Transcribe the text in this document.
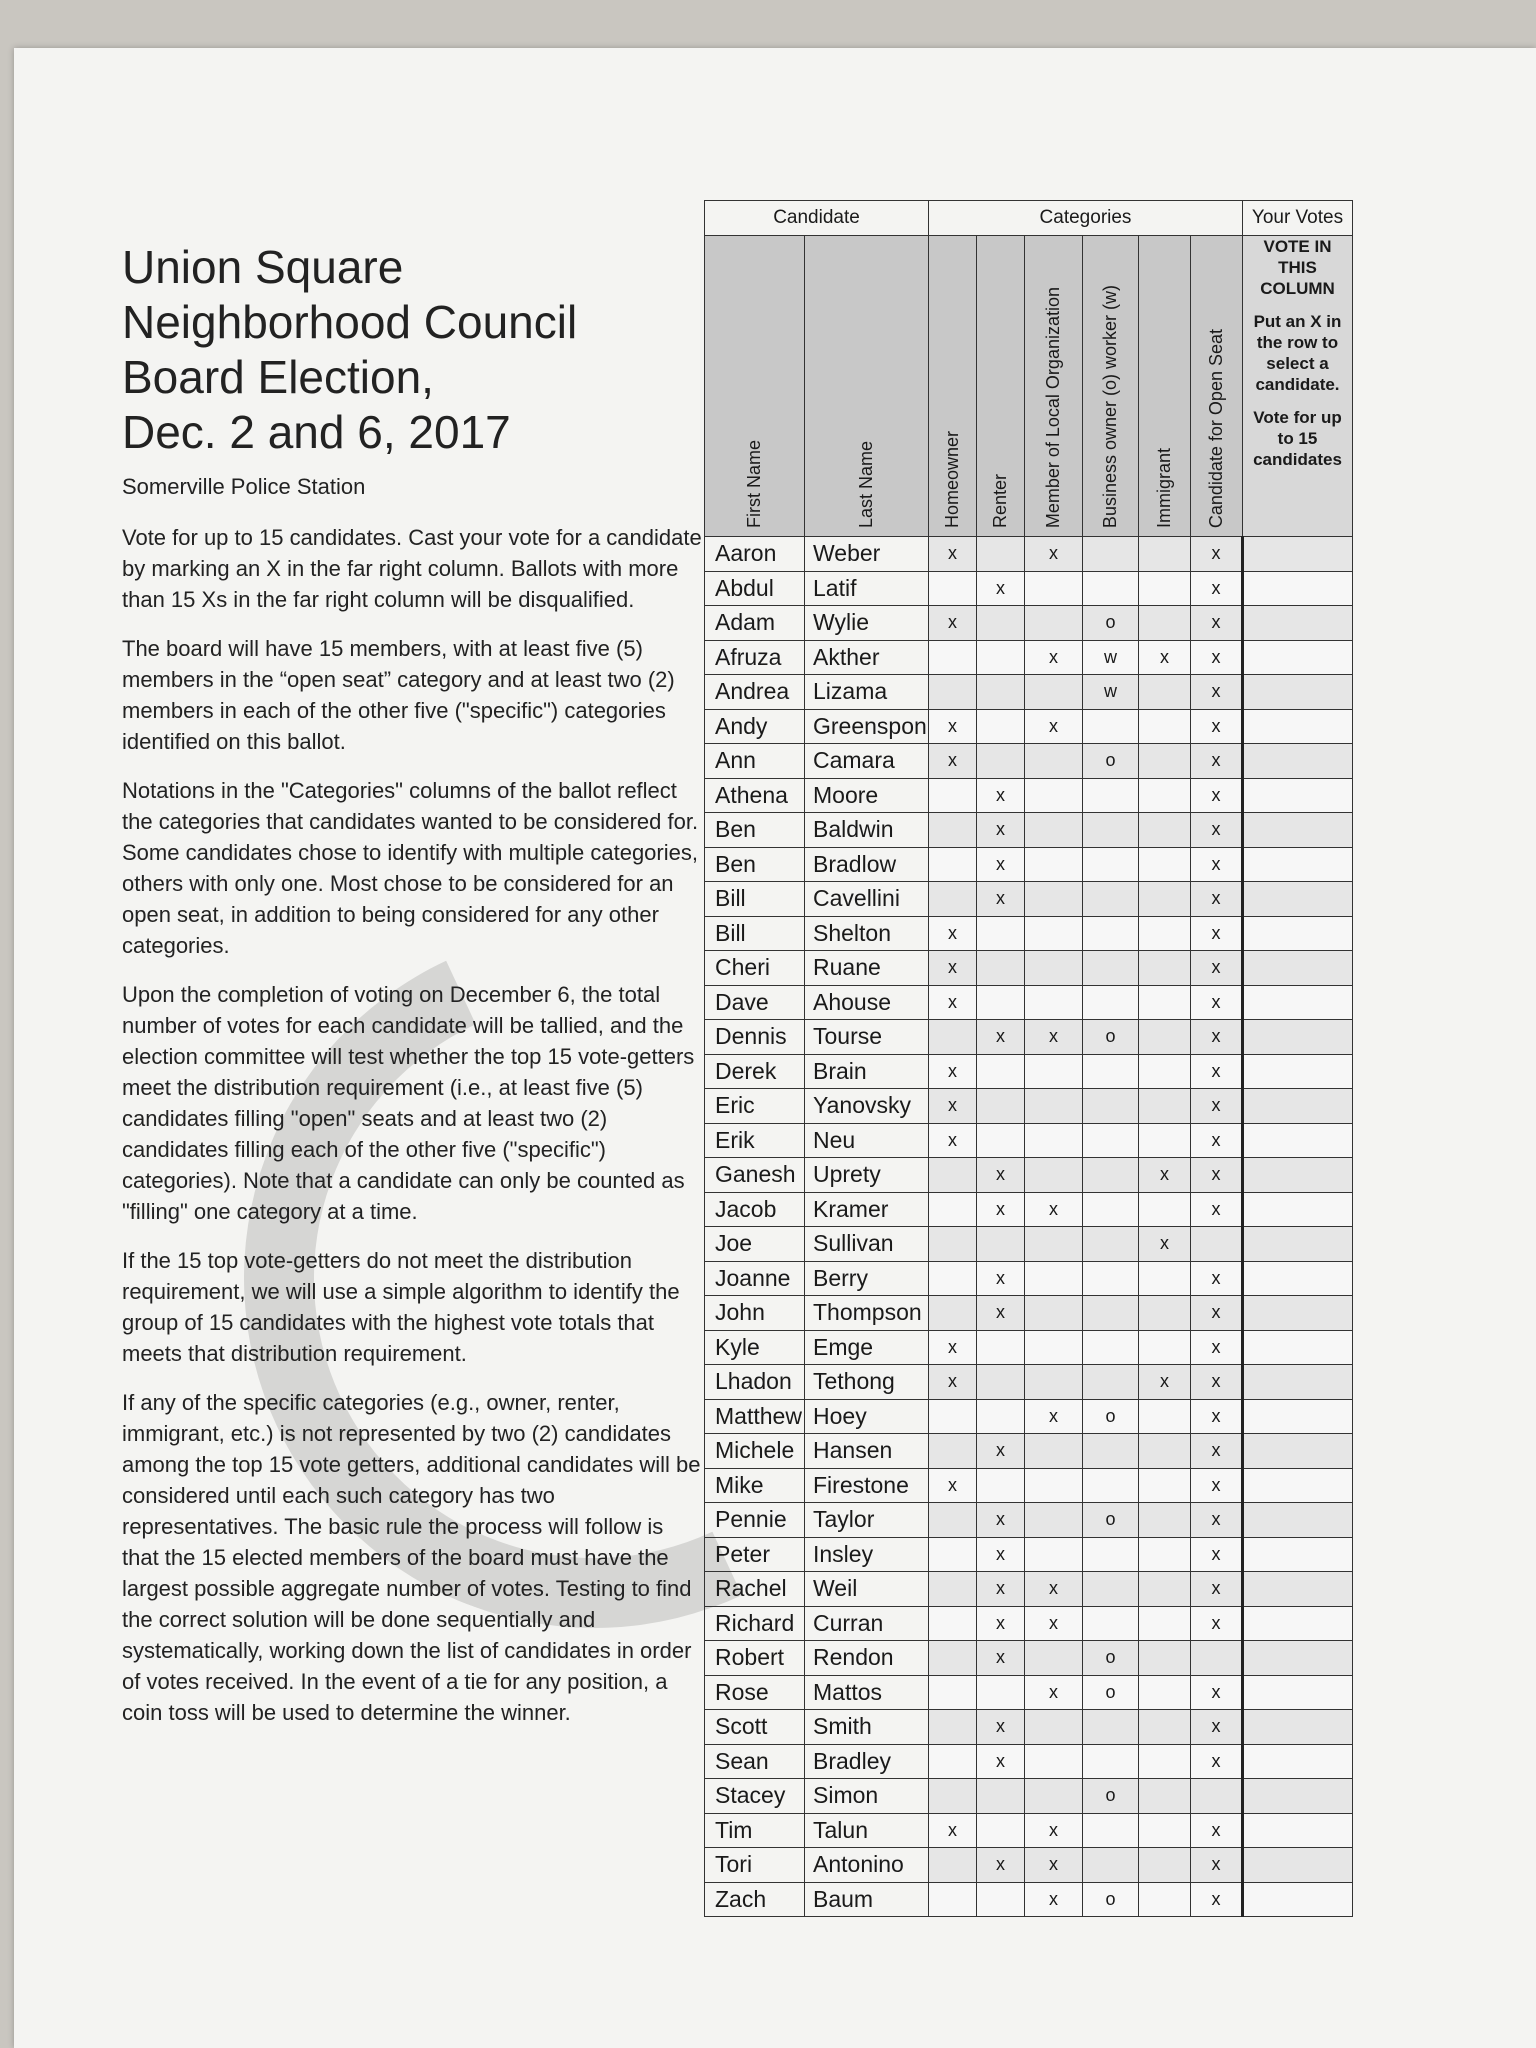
Union Square
Neighborhood Council
Board Election,
Dec. 2 and 6, 2017
Somerville Police Station

Vote for up to 15 candidates. Cast your vote for a candidate by marking an X in the far right column. Ballots with more than 15 Xs in the far right column will be disqualified.

The board will have 15 members, with at least five (5) members in the “open seat” category and at least two (2) members in each of the other five ("specific") categories identified on this ballot.

Notations in the "Categories" columns of the ballot reflect the categories that candidates wanted to be considered for. Some candidates chose to identify with multiple categories, others with only one. Most chose to be considered for an open seat, in addition to being considered for any other categories.

Upon the completion of voting on December 6, the total number of votes for each candidate will be tallied, and the election committee will test whether the top 15 vote-getters meet the distribution requirement (i.e., at least five (5) candidates filling "open" seats and at least two (2) candidates filling each of the other five ("specific") categories). Note that a candidate can only be counted as "filling" one category at a time.

If the 15 top vote-getters do not meet the distribution requirement, we will use a simple algorithm to identify the group of 15 candidates with the highest vote totals that meets that distribution requirement.

If any of the specific categories (e.g., owner, renter, immigrant, etc.) is not represented by two (2) candidates among the top 15 vote getters, additional candidates will be considered until each such category has two representatives. The basic rule the process will follow is that the 15 elected members of the board must have the largest possible aggregate number of votes. Testing to find the correct solution will be done sequentially and systematically, working down the list of candidates in order of votes received. In the event of a tie for any position, a coin toss will be used to determine the winner.

Candidate		Categories						Your Votes

First Name	Last Name	Homeowner	Renter	Member of Local Organization	Business owner (o) worker (w)	Immigrant	Candidate for Open Seat	VOTE IN THIS COLUMN
Put an X in the row to select a candidate.
Vote for up to 15 candidates

Aaron	Weber	x		x			x	
Abdul	Latif		x				x	
Adam	Wylie	x			o		x	
Afruza	Akther			x	w	x	x	
Andrea	Lizama				w		x	
Andy	Greenspon	x		x			x	
Ann	Camara	x			o		x	
Athena	Moore		x				x	
Ben	Baldwin		x				x	
Ben	Bradlow		x				x	
Bill	Cavellini		x				x	
Bill	Shelton	x					x	
Cheri	Ruane	x					x	
Dave	Ahouse	x					x	
Dennis	Tourse		x	x	o		x	
Derek	Brain	x					x	
Eric	Yanovsky	x					x	
Erik	Neu	x					x	
Ganesh	Uprety		x			x	x	
Jacob	Kramer		x	x			x	
Joe	Sullivan					x		
Joanne	Berry		x				x	
John	Thompson		x				x	
Kyle	Emge	x					x	
Lhadon	Tethong	x				x	x	
Matthew	Hoey			x	o		x	
Michele	Hansen		x				x	
Mike	Firestone	x					x	
Pennie	Taylor		x		o		x	
Peter	Insley		x				x	
Rachel	Weil		x	x			x	
Richard	Curran		x	x			x	
Robert	Rendon		x		o			
Rose	Mattos			x	o		x	
Scott	Smith		x				x	
Sean	Bradley		x				x	
Stacey	Simon				o			
Tim	Talun	x		x			x	
Tori	Antonino		x	x			x	
Zach	Baum			x	o		x	
